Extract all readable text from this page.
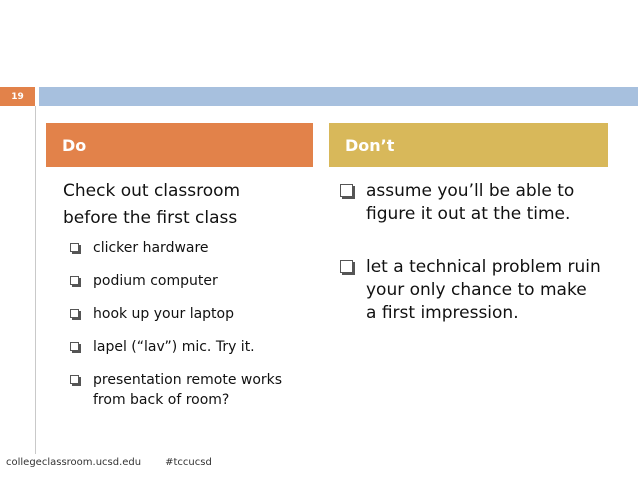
19
Do	Don’t

Check out classroom
before the first class

clicker hardware
podium computer
hook up your laptop
lapel (“lav”) mic. Try it.
presentation remote works from back of room?
assume you’ll be able to figure it out at the time.
let a technical problem ruin your only chance to make a first impression.
collegeclassroom.ucsd.edu #tccucsd
